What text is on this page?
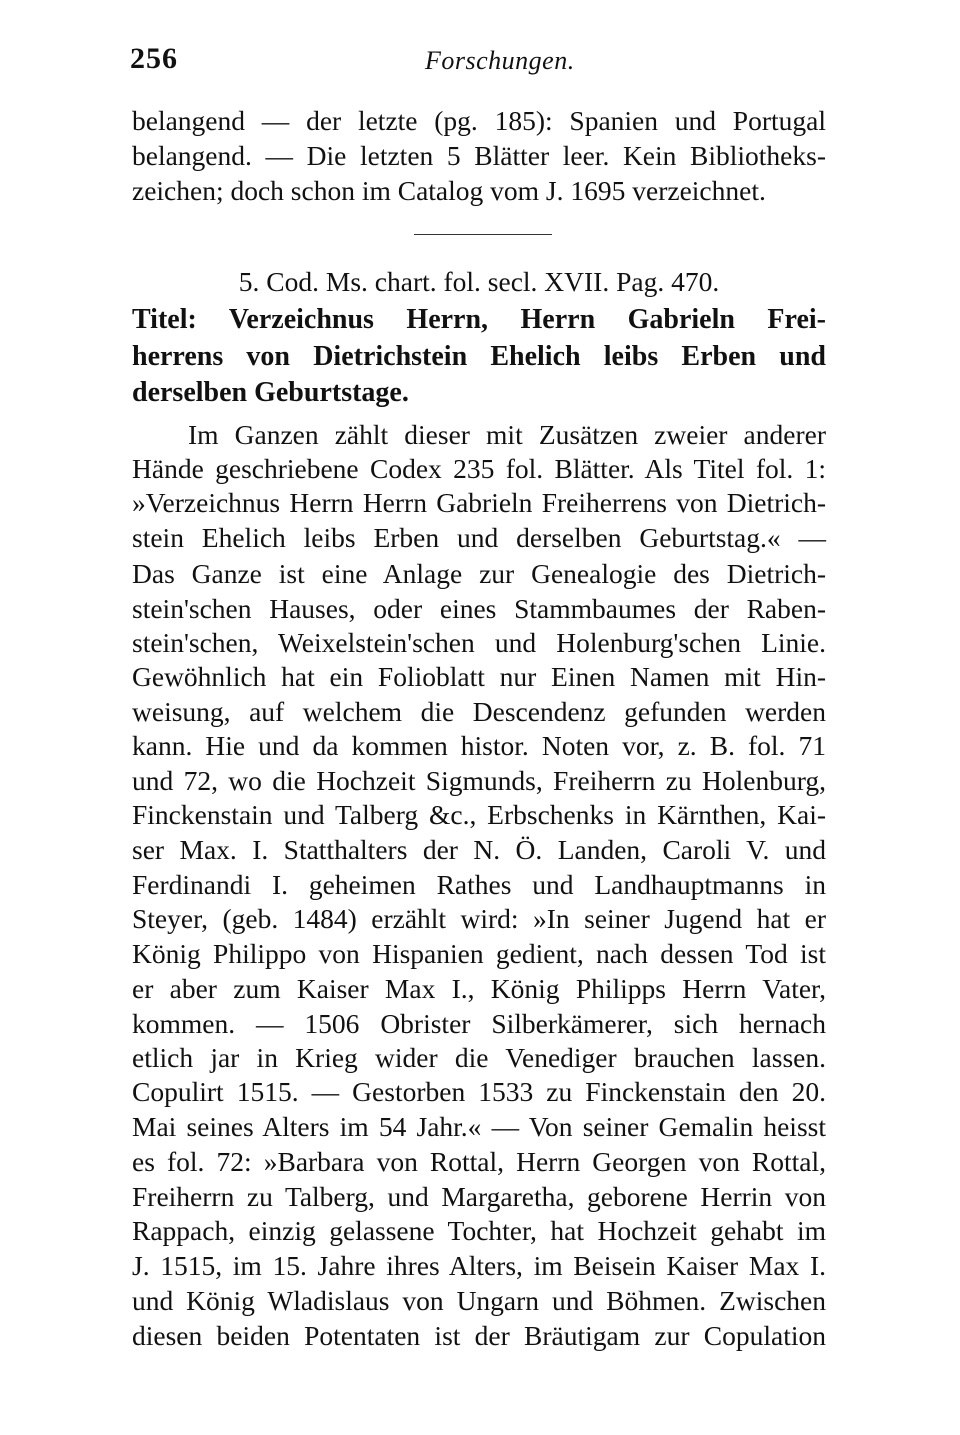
256	Forschungen.
belangend — der letzte (pg. 185): Spanien und Portugal
belangend. — Die letzten 5 Blätter leer. Kein Bibliotheks-
zeichen; doch schon im Catalog vom J. 1695 verzeichnet.
5. Cod. Ms. chart. fol. secl. XVII. Pag. 470.
Titel: Verzeichnus Herrn, Herrn Gabrieln Frei-
herrens von Dietrichstein Ehelich leibs Erben und
derselben Geburtstage.
Im Ganzen zählt dieser mit Zusätzen zweier anderer
Hände geschriebene Codex 235 fol. Blätter. Als Titel fol. 1:
»Verzeichnus Herrn Herrn Gabrieln Freiherrens von Dietrich-
stein Ehelich leibs Erben und derselben Geburtstag.« —
Das Ganze ist eine Anlage zur Genealogie des Dietrich-
stein'schen Hauses, oder eines Stammbaumes der Raben-
stein'schen, Weixelstein'schen und Holenburg'schen Linie.
Gewöhnlich hat ein Folioblatt nur Einen Namen mit Hin-
weisung, auf welchem die Descendenz gefunden werden
kann. Hie und da kommen histor. Noten vor, z. B. fol. 71
und 72, wo die Hochzeit Sigmunds, Freiherrn zu Holenburg,
Finckenstain und Talberg &c., Erbschenks in Kärnthen, Kai-
ser Max. I. Statthalters der N. Ö. Landen, Caroli V. und
Ferdinandi I. geheimen Rathes und Landhauptmanns in
Steyer, (geb. 1484) erzählt wird: »In seiner Jugend hat er
König Philippo von Hispanien gedient, nach dessen Tod ist
er aber zum Kaiser Max I., König Philipps Herrn Vater,
kommen. — 1506 Obrister Silberkämerer, sich hernach
etlich jar in Krieg wider die Venediger brauchen lassen.
Copulirt 1515. — Gestorben 1533 zu Finckenstain den 20.
Mai seines Alters im 54 Jahr.« — Von seiner Gemalin heisst
es fol. 72: »Barbara von Rottal, Herrn Georgen von Rottal,
Freiherrn zu Talberg, und Margaretha, geborene Herrin von
Rappach, einzig gelassene Tochter, hat Hochzeit gehabt im
J. 1515, im 15. Jahre ihres Alters, im Beisein Kaiser Max I.
und König Wladislaus von Ungarn und Böhmen. Zwischen
diesen beiden Potentaten ist der Bräutigam zur Copulation
